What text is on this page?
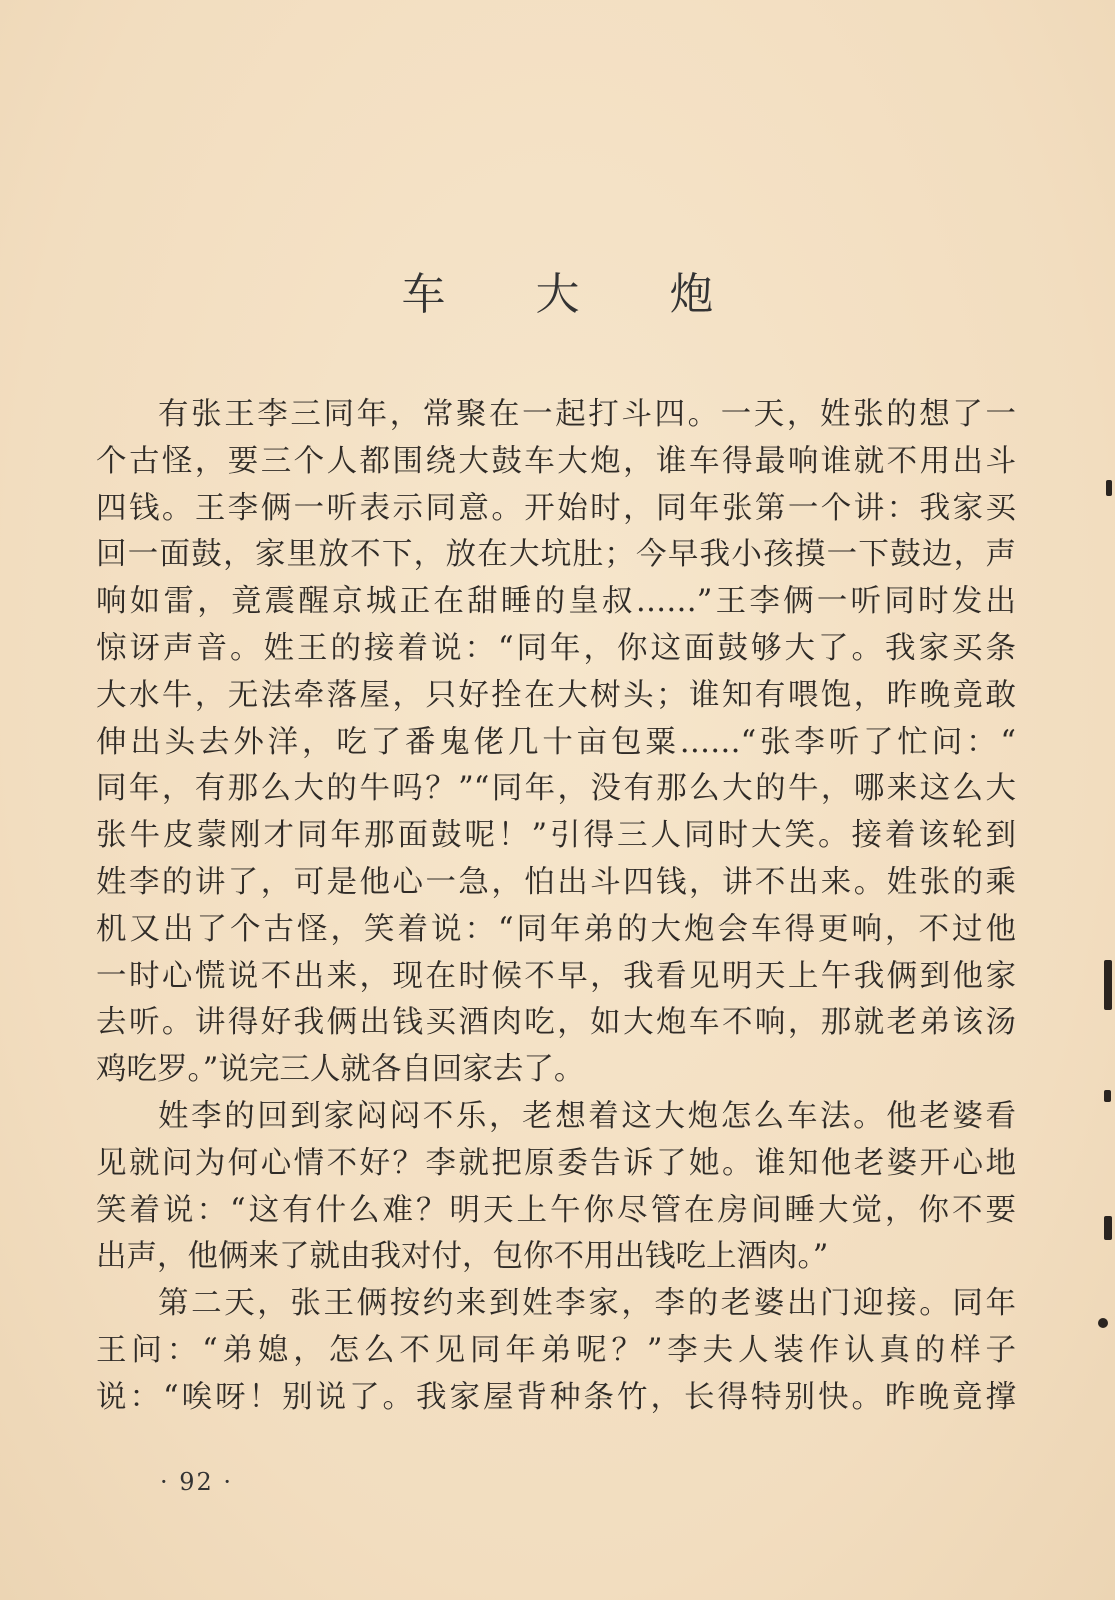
车 大 炮
有张王李三同年，常聚在一起打斗四。一天，姓张的想了一
个古怪，要三个人都围绕大鼓车大炮，谁车得最响谁就不用出斗
四钱。王李俩一听表示同意。开始时，同年张第一个讲：我家买
回一面鼓，家里放不下，放在大坑肚；今早我小孩摸一下鼓边，声
响如雷，竟震醒京城正在甜睡的皇叔……”王李俩一听同时发出
惊讶声音。姓王的接着说：“同年，你这面鼓够大了。我家买条
大水牛，无法牵落屋，只好拴在大树头；谁知有喂饱，昨晚竟敢
伸出头去外洋，吃了番鬼佬几十亩包粟……“张李听了忙问：“
同年，有那么大的牛吗？”“同年，没有那么大的牛，哪来这么大
张牛皮蒙刚才同年那面鼓呢！”引得三人同时大笑。接着该轮到
姓李的讲了，可是他心一急，怕出斗四钱，讲不出来。姓张的乘
机又出了个古怪，笑着说：“同年弟的大炮会车得更响，不过他
一时心慌说不出来，现在时候不早，我看见明天上午我俩到他家
去听。讲得好我俩出钱买酒肉吃，如大炮车不响，那就老弟该汤
鸡吃罗。”说完三人就各自回家去了。
姓李的回到家闷闷不乐，老想着这大炮怎么车法。他老婆看
见就问为何心情不好？李就把原委告诉了她。谁知他老婆开心地
笑着说：“这有什么难？明天上午你尽管在房间睡大觉，你不要
出声，他俩来了就由我对付，包你不用出钱吃上酒肉。”
第二天，张王俩按约来到姓李家，李的老婆出门迎接。同年
王问：“弟媳，怎么不见同年弟呢？”李夫人装作认真的样子
说：“唉呀！别说了。我家屋背种条竹，长得特别快。昨晚竟撑
· 92 ·
